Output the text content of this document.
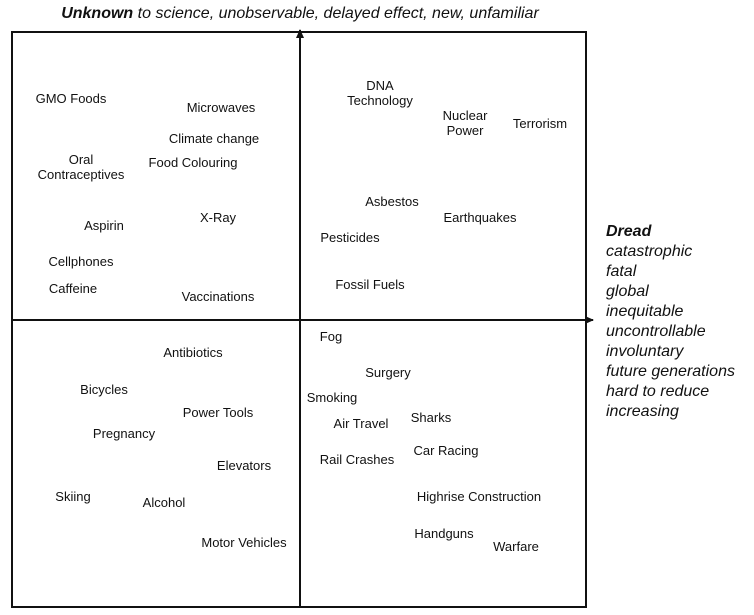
Unknown to science, unobservable, delayed effect, new, unfamiliar
GMO Foods
Microwaves
Climate change
Oral
Contraceptives
Food Colouring
X-Ray
Aspirin
Cellphones
Caffeine
Vaccinations
DNA
Technology
Nuclear
Power	Terrorism
Asbestos
Earthquakes
Pesticides
Fossil Fuels
Antibiotics
Bicycles
Power Tools
Pregnancy
Elevators
Skiing	Alcohol
Motor Vehicles
Fog
Surgery
Smoking
Air Travel Sharks
Car Racing
Rail Crashes
Highrise Construction
Handguns
Warfare
Dread
catastrophic
fatal
global
inequitable
uncontrollable
involuntary
future generations
hard to reduce
increasing
